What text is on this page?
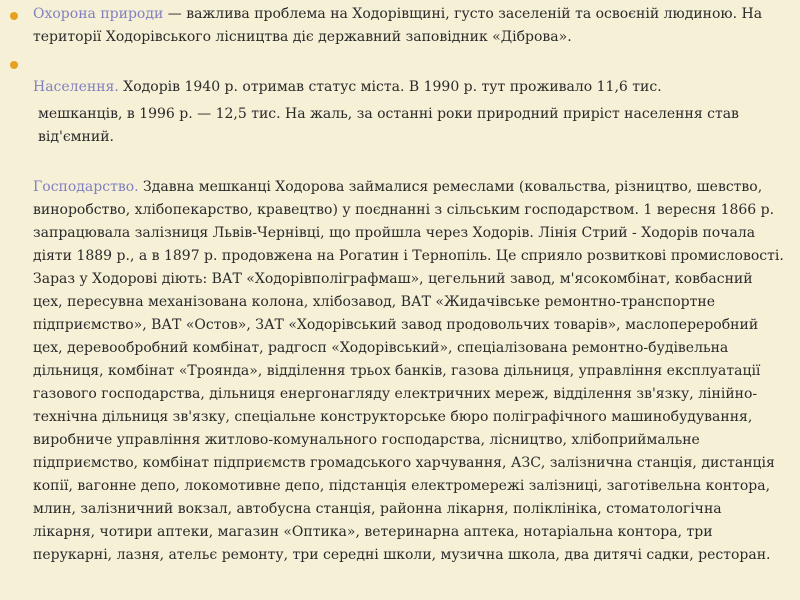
Охорона природи — важлива проблема на Ходорівщині, густо заселеній та освоєній людиною. На території Ходорівського лісництва діє державний заповідник «Діброва».

Населення. Ходорів 1940 р. отримав статус міста. В 1990 р. тут проживало 11,6 тис.
мешканців, в 1996 р. — 12,5 тис. На жаль, за останні роки природний приріст населення став від'ємний.

Господарство. Здавна мешканці Ходорова займалися ремеслами (ковальства, різництво, шевство, виноробство, хлібопекарство, кравецтво) у поєднанні з сільським господарством. 1 вересня 1866 р. запрацювала залізниця Львів-Чернівці, що пройшла через Ходорів. Лінія Стрий - Ходорів почала діяти 1889 р., а в 1897 р. продовжена на Рогатин і Тернопіль. Це сприяло розвиткові промисловості. Зараз у Ходорові діють: ВАТ «Ходорівполіграфмаш», цегельний завод, м'ясокомбінат, ковбасний цех, пересувна механізована колона, хлібозавод, ВАТ «Жидачівське ремонтно-транспортне підприємство», ВАТ «Остов», ЗАТ «Ходорівський завод продовольчих товарів», маслопереробний цех, деревообробний комбінат, радгосп «Ходорівський», спеціалізована ремонтно-будівельна дільниця, комбінат «Троянда», відділення трьох банків, газова дільниця, управління експлуатації газового господарства, дільниця енергонагляду електричних мереж, відділення зв'язку, лінійно-технічна дільниця зв'язку, спеціальне конструкторське бюро поліграфічного машинобудування, виробниче управління житлово-комунального господарства, лісництво, хлібоприймальне підприємство, комбінат підприємств громадського харчування, АЗС, залізнична станція, дистанція копії, вагонне депо, локомотивне депо, підстанція електромережі залізниці, заготівельна контора, млин, залізничний вокзал, автобусна станція, районна лікарня, поліклініка, стоматологічна лікарня, чотири аптеки, магазин «Оптика», ветеринарна аптека, нотаріальна контора, три перукарні, лазня, ательє ремонту, три середні школи, музична школа, два дитячі садки, ресторан.
